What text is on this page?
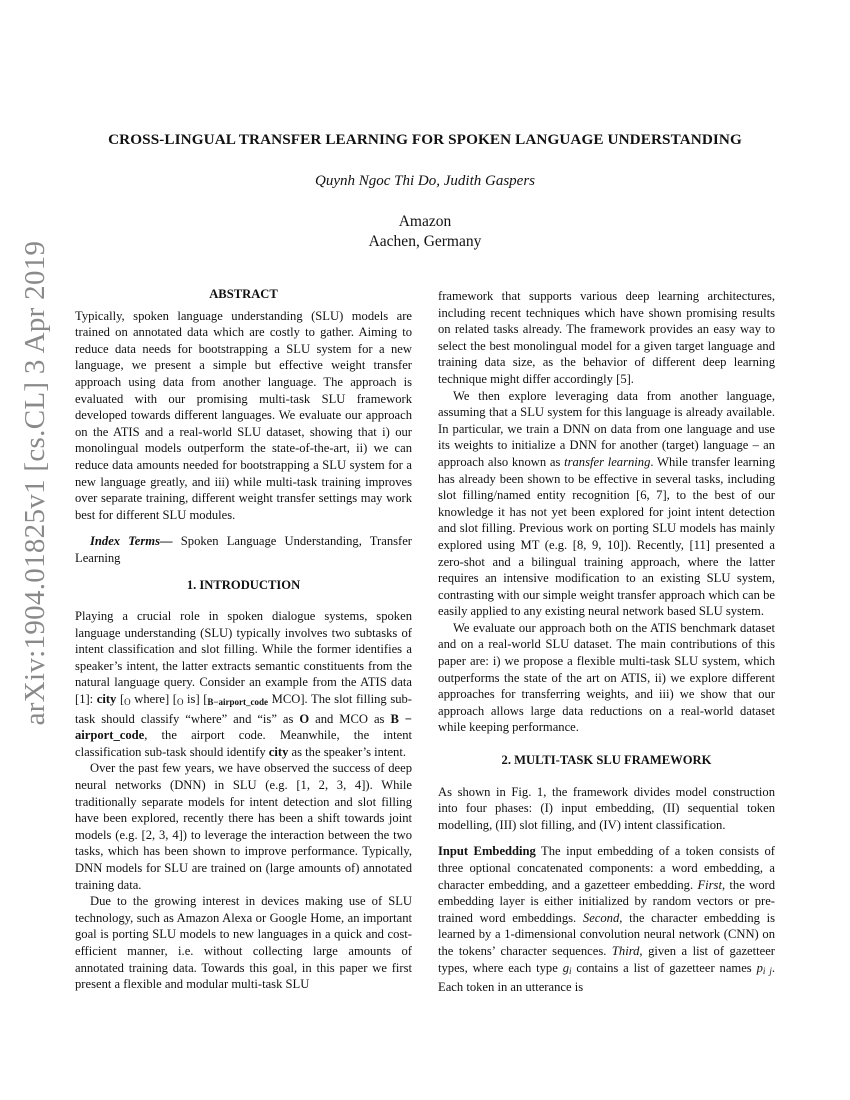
arXiv:1904.01825v1 [cs.CL] 3 Apr 2019
CROSS-LINGUAL TRANSFER LEARNING FOR SPOKEN LANGUAGE UNDERSTANDING
Quynh Ngoc Thi Do, Judith Gaspers
Amazon
Aachen, Germany
ABSTRACT

Typically, spoken language understanding (SLU) models are trained on annotated data which are costly to gather. Aiming to reduce data needs for bootstrapping a SLU system for a new language, we present a simple but effective weight transfer approach using data from another language. The approach is evaluated with our promising multi-task SLU framework developed towards different languages. We evaluate our approach on the ATIS and a real-world SLU dataset, showing that i) our monolingual models outperform the state-of-the-art, ii) we can reduce data amounts needed for bootstrapping a SLU system for a new language greatly, and iii) while multi-task training improves over separate training, different weight transfer settings may work best for different SLU modules.

Index Terms— Spoken Language Understanding, Transfer Learning

1. INTRODUCTION

Playing a crucial role in spoken dialogue systems, spoken language understanding (SLU) typically involves two subtasks of intent classification and slot filling. While the former identifies a speaker’s intent, the latter extracts semantic constituents from the natural language query. Consider an example from the ATIS data [1]: city [$_O$ where] [$_O$ is] [$_{B-airport\_code}$ MCO]. The slot filling sub-task should classify “where” and “is” as O and MCO as B − airport_code, the airport code. Meanwhile, the intent classification sub-task should identify city as the speaker’s intent.

Over the past few years, we have observed the success of deep neural networks (DNN) in SLU (e.g. [1, 2, 3, 4]). While traditionally separate models for intent detection and slot filling have been explored, recently there has been a shift towards joint models (e.g. [2, 3, 4]) to leverage the interaction between the two tasks, which has been shown to improve performance. Typically, DNN models for SLU are trained on (large amounts of) annotated training data.

Due to the growing interest in devices making use of SLU technology, such as Amazon Alexa or Google Home, an important goal is porting SLU models to new languages in a quick and cost-efficient manner, i.e. without collecting large amounts of annotated training data. Towards this goal, in this paper we first present a flexible and modular multi-task SLU

framework that supports various deep learning architectures, including recent techniques which have shown promising results on related tasks already. The framework provides an easy way to select the best monolingual model for a given target language and training data size, as the behavior of different deep learning technique might differ accordingly [5].

We then explore leveraging data from another language, assuming that a SLU system for this language is already available. In particular, we train a DNN on data from one language and use its weights to initialize a DNN for another (target) language – an approach also known as transfer learning. While transfer learning has already been shown to be effective in several tasks, including slot filling/named entity recognition [6, 7], to the best of our knowledge it has not yet been explored for joint intent detection and slot filling. Previous work on porting SLU models has mainly explored using MT (e.g. [8, 9, 10]). Recently, [11] presented a zero-shot and a bilingual training approach, where the latter requires an intensive modification to an existing SLU system, contrasting with our simple weight transfer approach which can be easily applied to any existing neural network based SLU system.

We evaluate our approach both on the ATIS benchmark dataset and on a real-world SLU dataset. The main contributions of this paper are: i) we propose a flexible multi-task SLU system, which outperforms the state of the art on ATIS, ii) we explore different approaches for transferring weights, and iii) we show that our approach allows large data reductions on a real-world dataset while keeping performance.

2. MULTI-TASK SLU FRAMEWORK

As shown in Fig. 1, the framework divides model construction into four phases: (I) input embedding, (II) sequential token modelling, (III) slot filling, and (IV) intent classification.

Input Embedding The input embedding of a token consists of three optional concatenated components: a word embedding, a character embedding, and a gazetteer embedding. First, the word embedding layer is either initialized by random vectors or pre-trained word embeddings. Second, the character embedding is learned by a 1-dimensional convolution neural network (CNN) on the tokens’ character sequences. Third, given a list of gazetteer types, where each type $g_i$ contains a list of gazetteer names $p_{i j}$. Each token in an utterance is
